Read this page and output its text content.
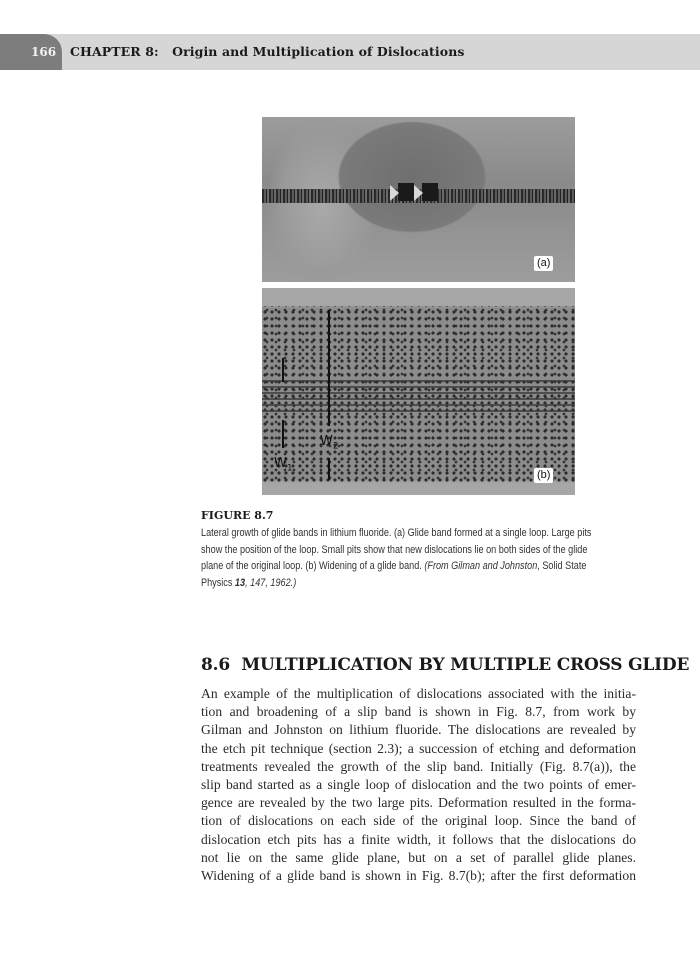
166 CHAPTER 8:   Origin and Multiplication of Dislocations
(a)
$W_2$
$W_1$
(b)
FIGURE 8.7
Lateral growth of glide bands in lithium fluoride. (a) Glide band formed at a single loop. Large pits
show the position of the loop. Small pits show that new dislocations lie on both sides of the glide
plane of the original loop. (b) Widening of a glide band. (From Gilman and Johnston, Solid State
Physics 13, 147, 1962.)
8.6  MULTIPLICATION BY MULTIPLE CROSS GLIDE
An example of the multiplication of dislocations associated with the initia-
tion and broadening of a slip band is shown in Fig. 8.7, from work by
Gilman and Johnston on lithium fluoride. The dislocations are revealed by
the etch pit technique (section 2.3); a succession of etching and deformation
treatments revealed the growth of the slip band. Initially (Fig. 8.7(a)), the
slip band started as a single loop of dislocation and the two points of emer-
gence are revealed by the two large pits. Deformation resulted in the forma-
tion of dislocations on each side of the original loop. Since the band of
dislocation etch pits has a finite width, it follows that the dislocations do
not lie on the same glide plane, but on a set of parallel glide planes.
Widening of a glide band is shown in Fig. 8.7(b); after the first deformation
